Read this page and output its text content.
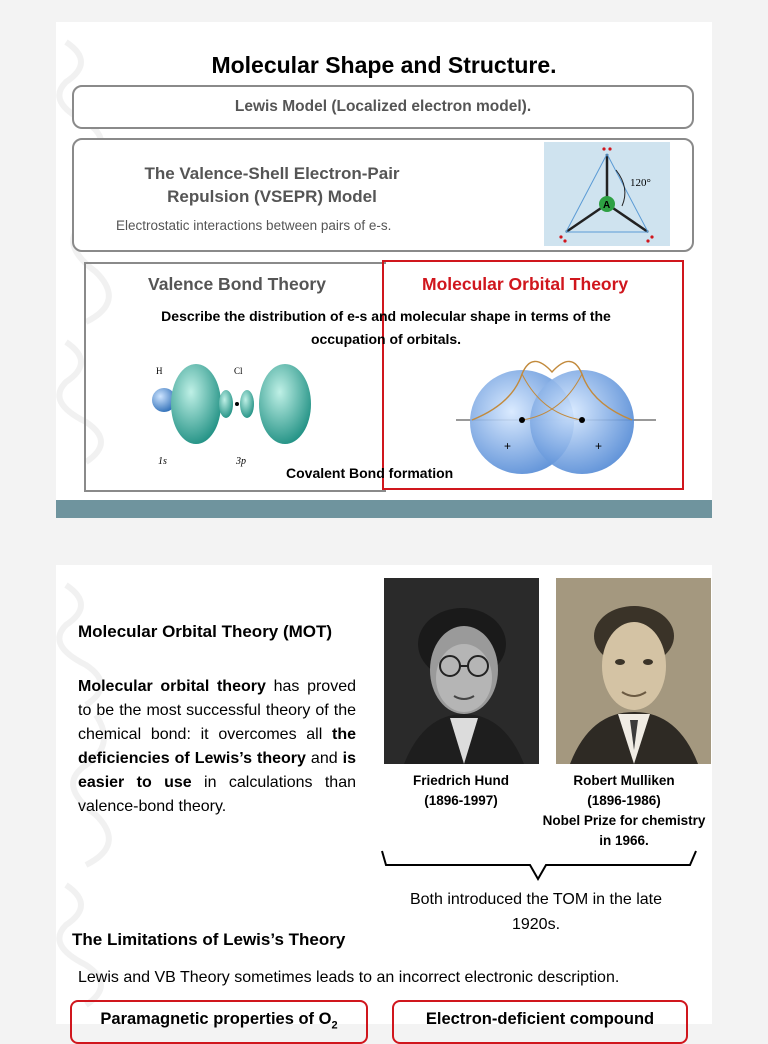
Molecular Shape and Structure.
Lewis Model (Localized electron model).
The Valence-Shell Electron-Pair Repulsion (VSEPR) Model
Electrostatic interactions between pairs of e-s.
120°
A
Valence Bond Theory	Molecular Orbital Theory
Describe the distribution of e-s and molecular shape in terms of the occupation of orbitals.
H	Cl
1s	3p
+	+
Covalent Bond formation
Molecular Orbital Theory (MOT)
Molecular orbital theory has proved to be the most successful theory of the chemical bond: it overcomes all the deficiencies of Lewis’s theory and is easier to use in calculations than valence-bond theory.
Friedrich Hund
(1896-1997)
Robert Mulliken
(1896-1986)
Nobel Prize for chemistry in 1966.
Both introduced the TOM in the late 1920s.
The Limitations of Lewis’s Theory
Lewis and VB Theory sometimes leads to an incorrect electronic description.
Paramagnetic properties of $O_2$	Electron-deficient compound
